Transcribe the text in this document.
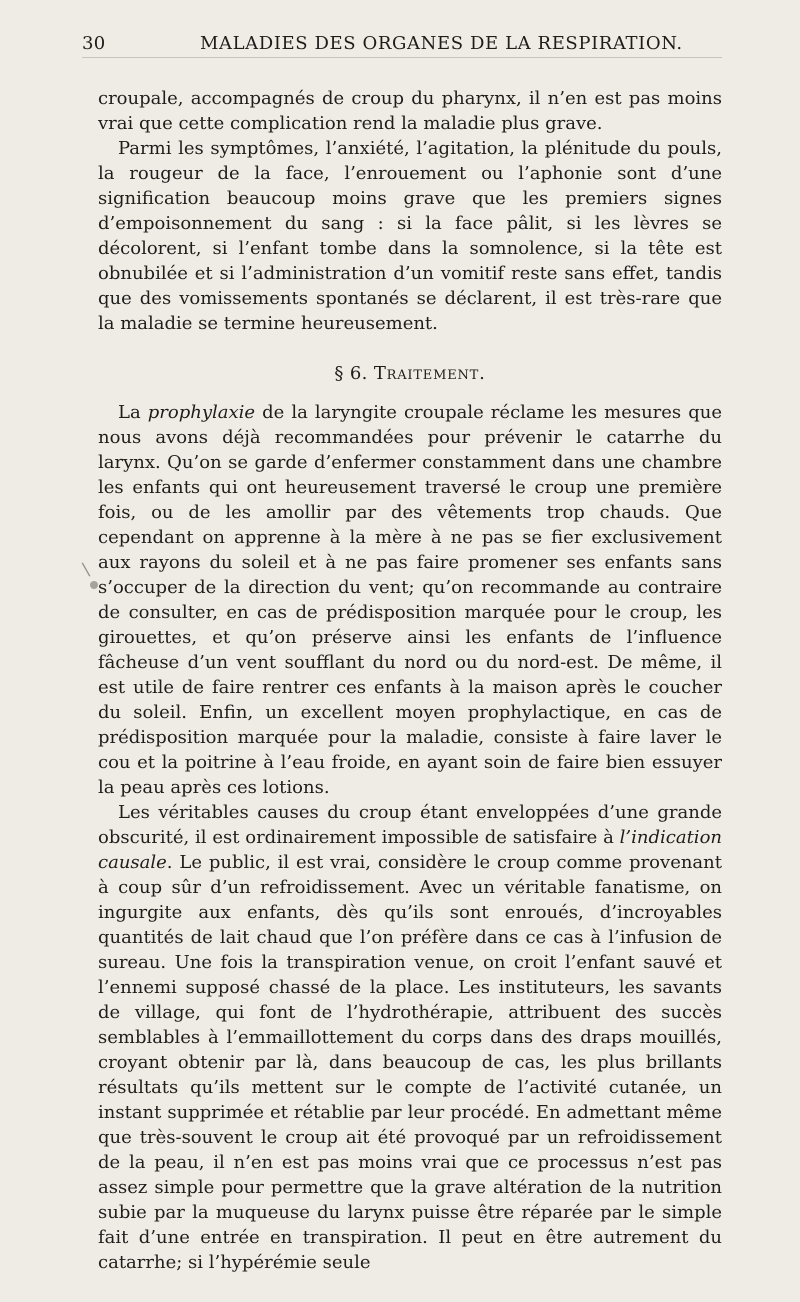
30	MALADIES DES ORGANES DE LA RESPIRATION.
\

croupale, accompagnés de croup du pharynx, il n’en est pas moins vrai que cette complication rend la maladie plus grave.

Parmi les symptômes, l’anxiété, l’agitation, la plénitude du pouls, la rougeur de la face, l’enrouement ou l’aphonie sont d’une signification beaucoup moins grave que les premiers signes d’empoisonnement du sang : si la face pâlit, si les lèvres se décolorent, si l’enfant tombe dans la somnolence, si la tête est obnubilée et si l’administration d’un vomitif reste sans effet, tandis que des vomissements spontanés se déclarent, il est très-rare que la maladie se termine heureusement.

§ 6. Traitement.

La prophylaxie de la laryngite croupale réclame les mesures que nous avons déjà recommandées pour prévenir le catarrhe du larynx. Qu’on se garde d’enfermer constamment dans une chambre les enfants qui ont heureusement traversé le croup une première fois, ou de les amollir par des vêtements trop chauds. Que cependant on apprenne à la mère à ne pas se fier exclusivement aux rayons du soleil et à ne pas faire promener ses enfants sans s’occuper de la direction du vent; qu’on recommande au contraire de consulter, en cas de prédisposition marquée pour le croup, les girouettes, et qu’on préserve ainsi les enfants de l’influence fâcheuse d’un vent soufflant du nord ou du nord-est. De même, il est utile de faire rentrer ces enfants à la maison après le coucher du soleil. Enfin, un excellent moyen prophylactique, en cas de prédisposition marquée pour la maladie, consiste à faire laver le cou et la poitrine à l’eau froide, en ayant soin de faire bien essuyer la peau après ces lotions.

Les véritables causes du croup étant enveloppées d’une grande obscurité, il est ordinairement impossible de satisfaire à l’indication causale. Le public, il est vrai, considère le croup comme provenant à coup sûr d’un refroidissement. Avec un véritable fanatisme, on ingurgite aux enfants, dès qu’ils sont enroués, d’incroyables quantités de lait chaud que l’on préfère dans ce cas à l’infusion de sureau. Une fois la transpiration venue, on croit l’enfant sauvé et l’ennemi supposé chassé de la place. Les instituteurs, les savants de village, qui font de l’hydrothérapie, attribuent des succès semblables à l’emmaillottement du corps dans des draps mouillés, croyant obtenir par là, dans beaucoup de cas, les plus brillants résultats qu’ils mettent sur le compte de l’activité cutanée, un instant supprimée et rétablie par leur procédé. En admettant même que très-souvent le croup ait été provoqué par un refroidissement de la peau, il n’en est pas moins vrai que ce processus n’est pas assez simple pour permettre que la grave altération de la nutrition subie par la muqueuse du larynx puisse être réparée par le simple fait d’une entrée en transpiration. Il peut en être autrement du catarrhe; si l’hypérémie seule
